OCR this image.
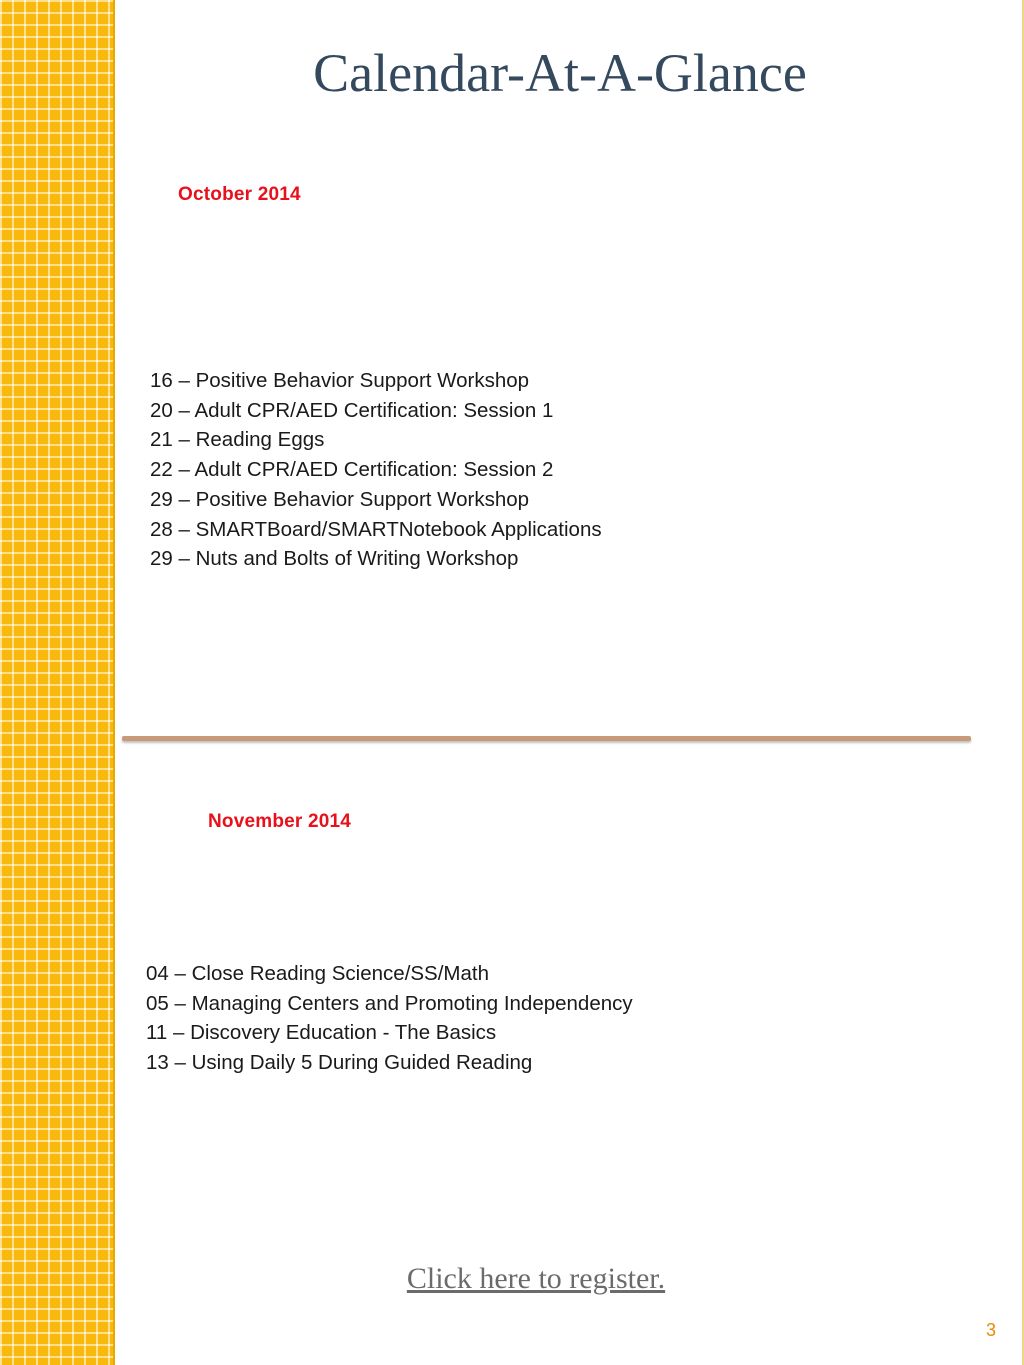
Calendar-At-A-Glance
October 2014
16 – Positive Behavior Support Workshop
20 – Adult CPR/AED Certification: Session 1
21 – Reading Eggs
22 – Adult CPR/AED Certification: Session 2
29 – Positive Behavior Support Workshop
28 – SMARTBoard/SMARTNotebook Applications
29 – Nuts and Bolts of Writing Workshop
November 2014
04 – Close Reading Science/SS/Math
05 – Managing Centers and Promoting Independency
11 – Discovery Education - The Basics
13 – Using Daily 5 During Guided Reading
Click here to register.
3
